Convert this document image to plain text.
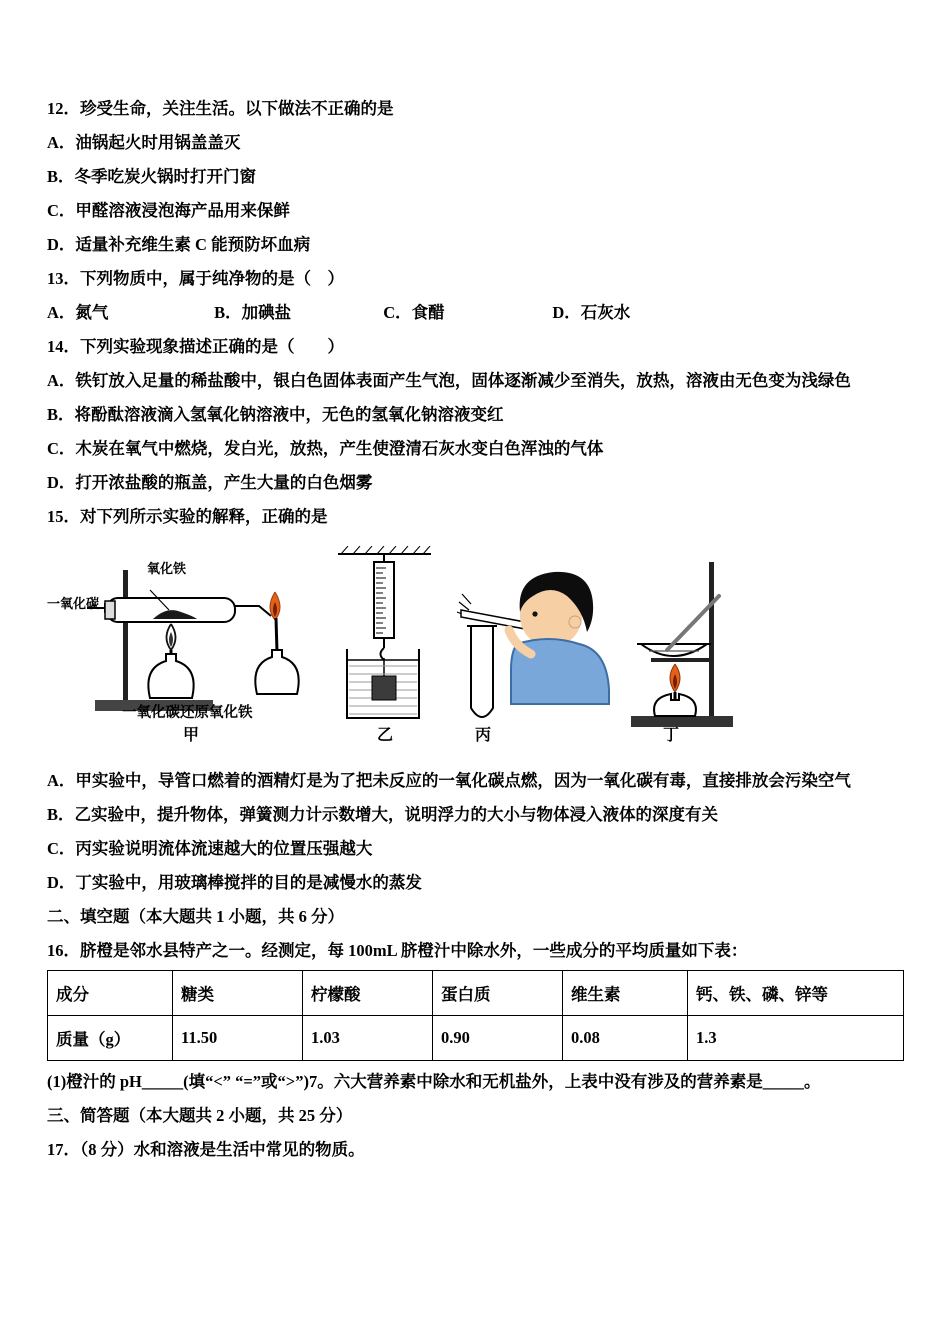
12．珍受生命，关注生活。以下做法不正确的是
A．油锅起火时用锅盖盖灭
B．冬季吃炭火锅时打开门窗
C．甲醛溶液浸泡海产品用来保鲜
D．适量补充维生素 C 能预防坏血病
13．下列物质中，属于纯净物的是（　）
A．氮气	B．加碘盐	C．食醋	D．石灰水
14．下列实验现象描述正确的是（　　）
A．铁钉放入足量的稀盐酸中，银白色固体表面产生气泡，固体逐渐减少至消失，放热，溶液由无色变为浅绿色
B．将酚酞溶液滴入氢氧化钠溶液中，无色的氢氧化钠溶液变红
C．木炭在氧气中燃烧，发白光，放热，产生使澄清石灰水变白色浑浊的气体
D．打开浓盐酸的瓶盖，产生大量的白色烟雾
15．对下列所示实验的解释，正确的是
一氧化碳
氧化铁
一氧化碳还原氧化铁
甲	乙	丙	丁
A．甲实验中，导管口燃着的酒精灯是为了把未反应的一氧化碳点燃，因为一氧化碳有毒，直接排放会污染空气
B．乙实验中，提升物体，弹簧测力计示数增大，说明浮力的大小与物体浸入液体的深度有关
C．丙实验说明流体流速越大的位置压强越大
D．丁实验中，用玻璃棒搅拌的目的是减慢水的蒸发
二、填空题（本大题共 1 小题，共 6 分）
16．脐橙是邻水县特产之一。经测定，每 100mL 脐橙汁中除水外，一些成分的平均质量如下表：
成分	糖类	柠檬酸	蛋白质	维生素	钙、铁、磷、锌等
质量（g）	11.50	1.03	0.90	0.08	1.3
(1)橙汁的 pH_____(填“<” “=”或“>”)7。六大营养素中除水和无机盐外，上表中没有涉及的营养素是_____。
三、简答题（本大题共 2 小题，共 25 分）
17．（8 分）水和溶液是生活中常见的物质。
